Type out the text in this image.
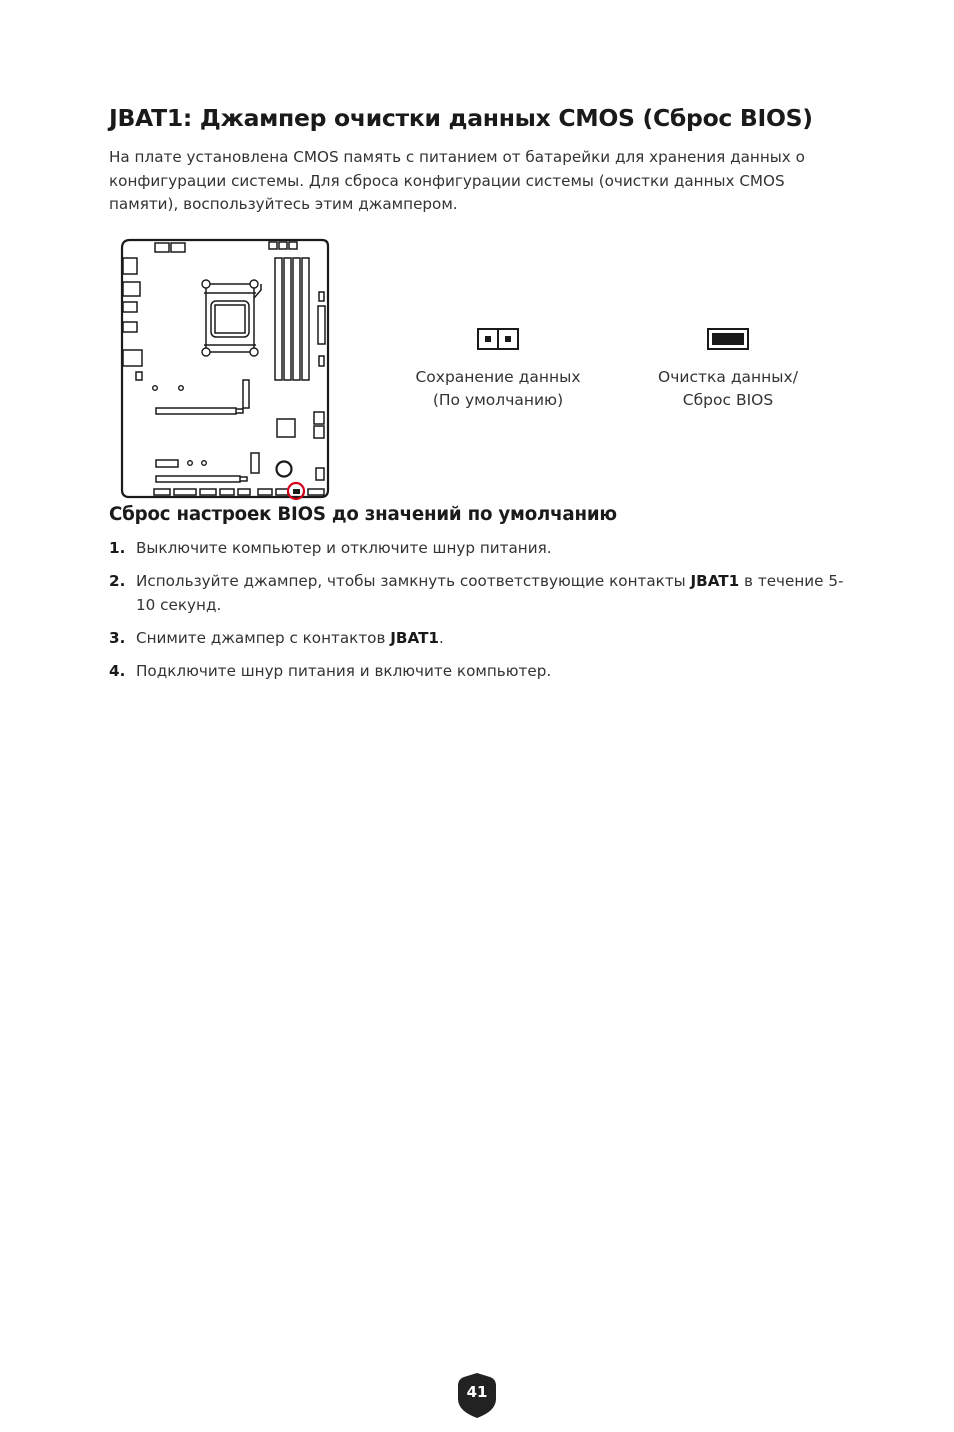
JBAT1: Джампер очистки данных CMOS (Сброс BIOS)

На плате установлена CMOS память с питанием от батарейки для хранения данных о конфигурации системы. Для сброса конфигурации системы (очистки данных CMOS памяти), воспользуйтесь этим джампером.

Сохранение данных
(По умолчанию)
Очистка данных/
Сброс BIOS
Сброс настроек BIOS до значений по умолчанию
1. Выключите компьютер и отключите шнур питания.
2. Используйте джампер, чтобы замкнуть соответствующие контакты JBAT1 в течение 5-10 секунд.
3. Снимите джампер с контактов JBAT1.
4. Подключите шнур питания и включите компьютер.
41
